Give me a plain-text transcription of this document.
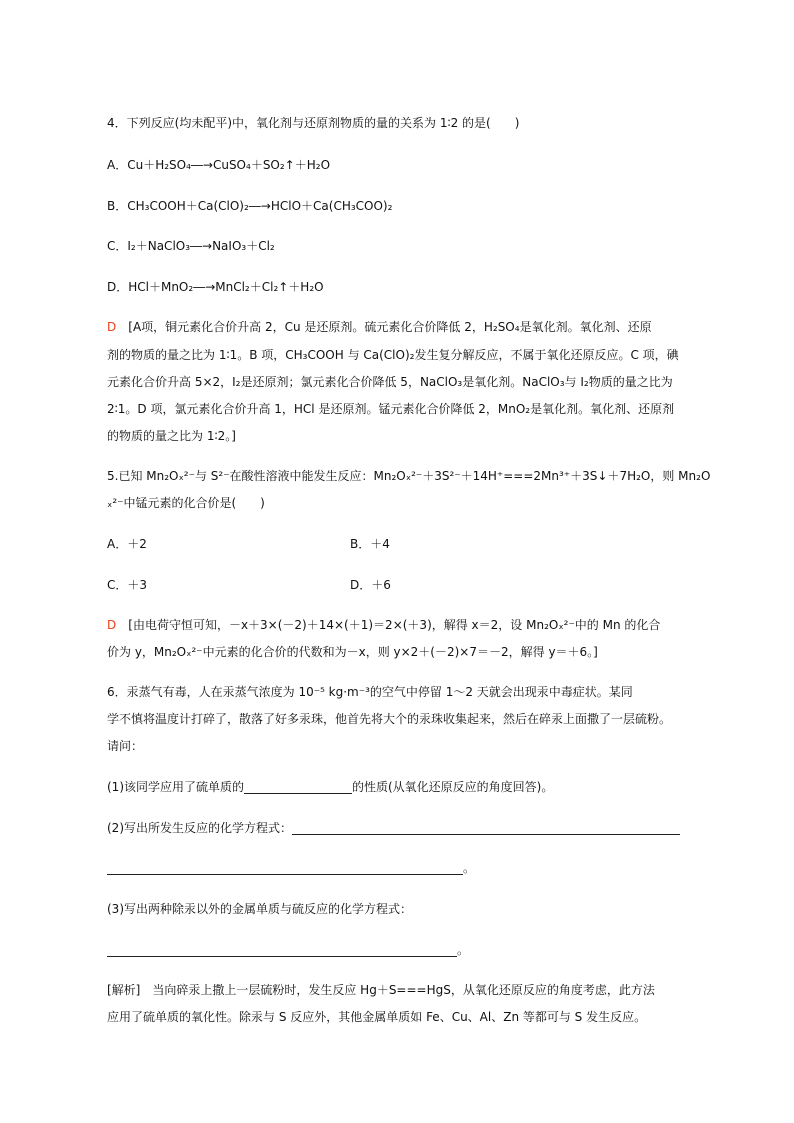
4．下列反应(均未配平)中，氧化剂与还原剂物质的量的关系为 1∶2 的是(　　)
A．Cu＋H₂SO₄―→CuSO₄＋SO₂↑＋H₂O
B．CH₃COOH＋Ca(ClO)₂―→HClO＋Ca(CH₃COO)₂
C．I₂＋NaClO₃―→NaIO₃＋Cl₂
D．HCl＋MnO₂―→MnCl₂＋Cl₂↑＋H₂O
D　 [A项，铜元素化合价升高 2，Cu 是还原剂。硫元素化合价降低 2，H₂SO₄是氧化剂。氧化剂、还原
剂的物质的量之比为 1∶1。B 项，CH₃COOH 与 Ca(ClO)₂发生复分解反应，不属于氧化还原反应。C 项，碘
元素化合价升高 5×2，I₂是还原剂；氯元素化合价降低 5，NaClO₃是氧化剂。NaClO₃与 I₂物质的量之比为
2∶1。D 项，氯元素化合价升高 1，HCl 是还原剂。锰元素化合价降低 2，MnO₂是氧化剂。氧化剂、还原剂
的物质的量之比为 1∶2。]
5.已知 Mn₂Oₓ²⁻与 S²⁻在酸性溶液中能发生反应：Mn₂Oₓ²⁻＋3S²⁻＋14H⁺===2Mn³⁺＋3S↓＋7H₂O，则 Mn₂O
ₓ²⁻中锰元素的化合价是(　　)
A．＋2	B．＋4
C．＋3	D．＋6
D　 [由电荷守恒可知，－x＋3×(－2)＋14×(＋1)＝2×(＋3)，解得 x＝2，设 Mn₂Oₓ²⁻中的 Mn 的化合
价为 y，Mn₂Oₓ²⁻中元素的化合价的代数和为－x，则 y×2＋(－2)×7＝－2，解得 y＝＋6。]
6．汞蒸气有毒，人在汞蒸气浓度为 10⁻⁵ kg·m⁻³的空气中停留 1～2 天就会出现汞中毒症状。某同
学不慎将温度计打碎了，散落了好多汞珠，他首先将大个的汞珠收集起来，然后在碎汞上面撒了一层硫粉。
请问：
(1)该同学应用了硫单质的	的性质(从氧化还原反应的角度回答)。
(2)写出所发生反应的化学方程式：
。
(3)写出两种除汞以外的金属单质与硫反应的化学方程式：
。
[解析]　当向碎汞上撒上一层硫粉时，发生反应 Hg＋S===HgS，从氧化还原反应的角度考虑，此方法
应用了硫单质的氧化性。除汞与 S 反应外，其他金属单质如 Fe、Cu、Al、Zn 等都可与 S 发生反应。
